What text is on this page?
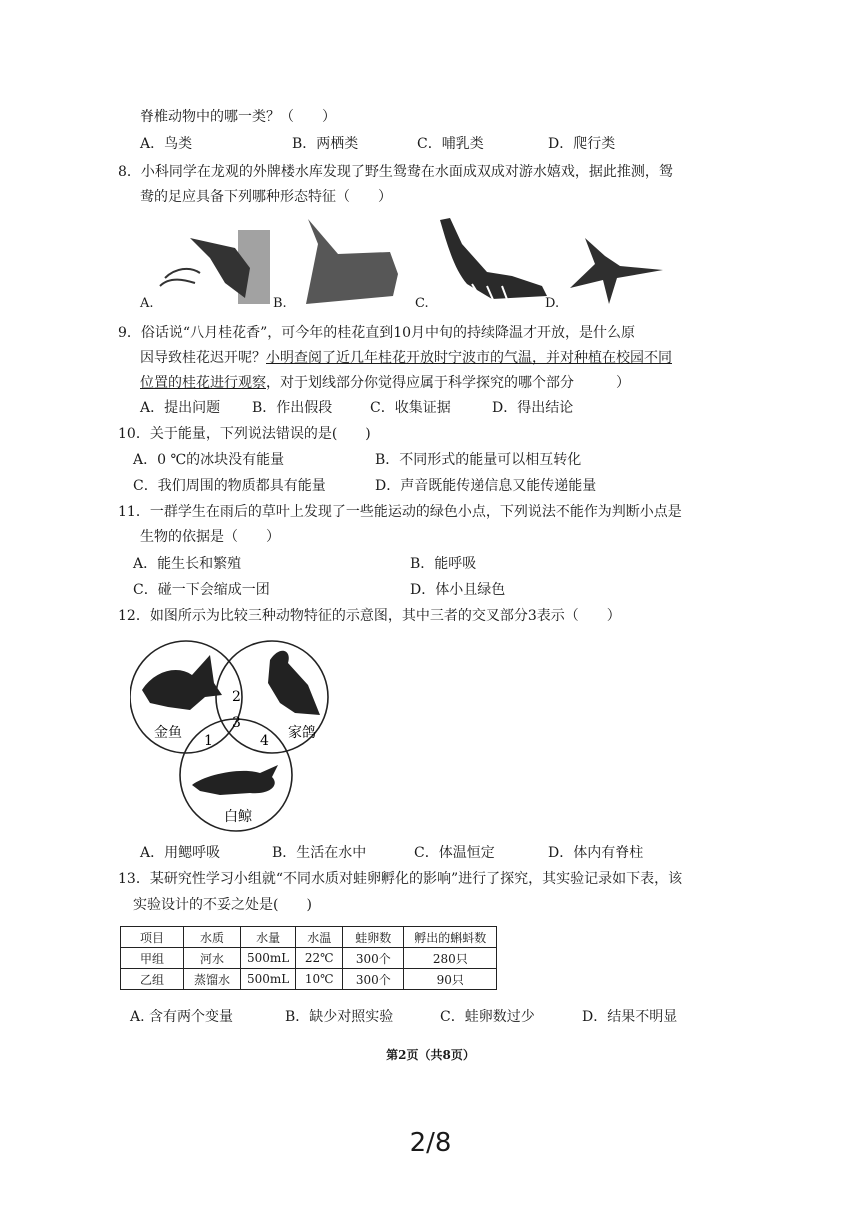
脊椎动物中的哪一类？（　　）
A．鸟类	B．两栖类	C．哺乳类	D．爬行类
8．小科同学在龙观的外牌楼水库发现了野生鸳鸯在水面成双成对游水嬉戏，据此推测，鸳
鸯的足应具备下列哪种形态特征（　　）
A.	B.	C.	D.
9．俗话说“八月桂花香”，可今年的桂花直到10月中旬的持续降温才开放，是什么原
因导致桂花迟开呢？小明查阅了近几年桂花开放时宁波市的气温，并对种植在校园不同
位置的桂花进行观察，对于划线部分你觉得应属于科学探究的哪个部分　　　）
A．提出问题 B．作出假段	C．收集证据	D．得出结论
10．关于能量，下列说法错误的是(　　)
A．0 ℃的冰块没有能量	B．不同形式的能量可以相互转化
C．我们周围的物质都具有能量	D．声音既能传递信息又能传递能量
11．一群学生在雨后的草叶上发现了一些能运动的绿色小点，下列说法不能作为判断小点是
生物的依据是（　　）
A．能生长和繁殖	B．能呼吸
C．碰一下会缩成一团	D．体小且绿色
12．如图所示为比较三种动物特征的示意图，其中三者的交叉部分3表示（　　）
2
3
1	4
金鱼	家鸽
白鲸
A．用鳃呼吸	B．生活在水中	C．体温恒定	D．体内有脊柱
13．某研究性学习小组就“不同水质对蛙卵孵化的影响”进行了探究，其实验记录如下表，该
实验设计的不妥之处是(　　)
项目	水质	水量	水温	蛙卵数	孵出的蝌蚪数
甲组	河水	500mL	22℃	300个	280只
乙组	蒸馏水	500mL	10℃	300个	90只
A. 含有两个变量	B．缺少对照实验	C．蛙卵数过少	D．结果不明显
第2页（共8页）
2/8
